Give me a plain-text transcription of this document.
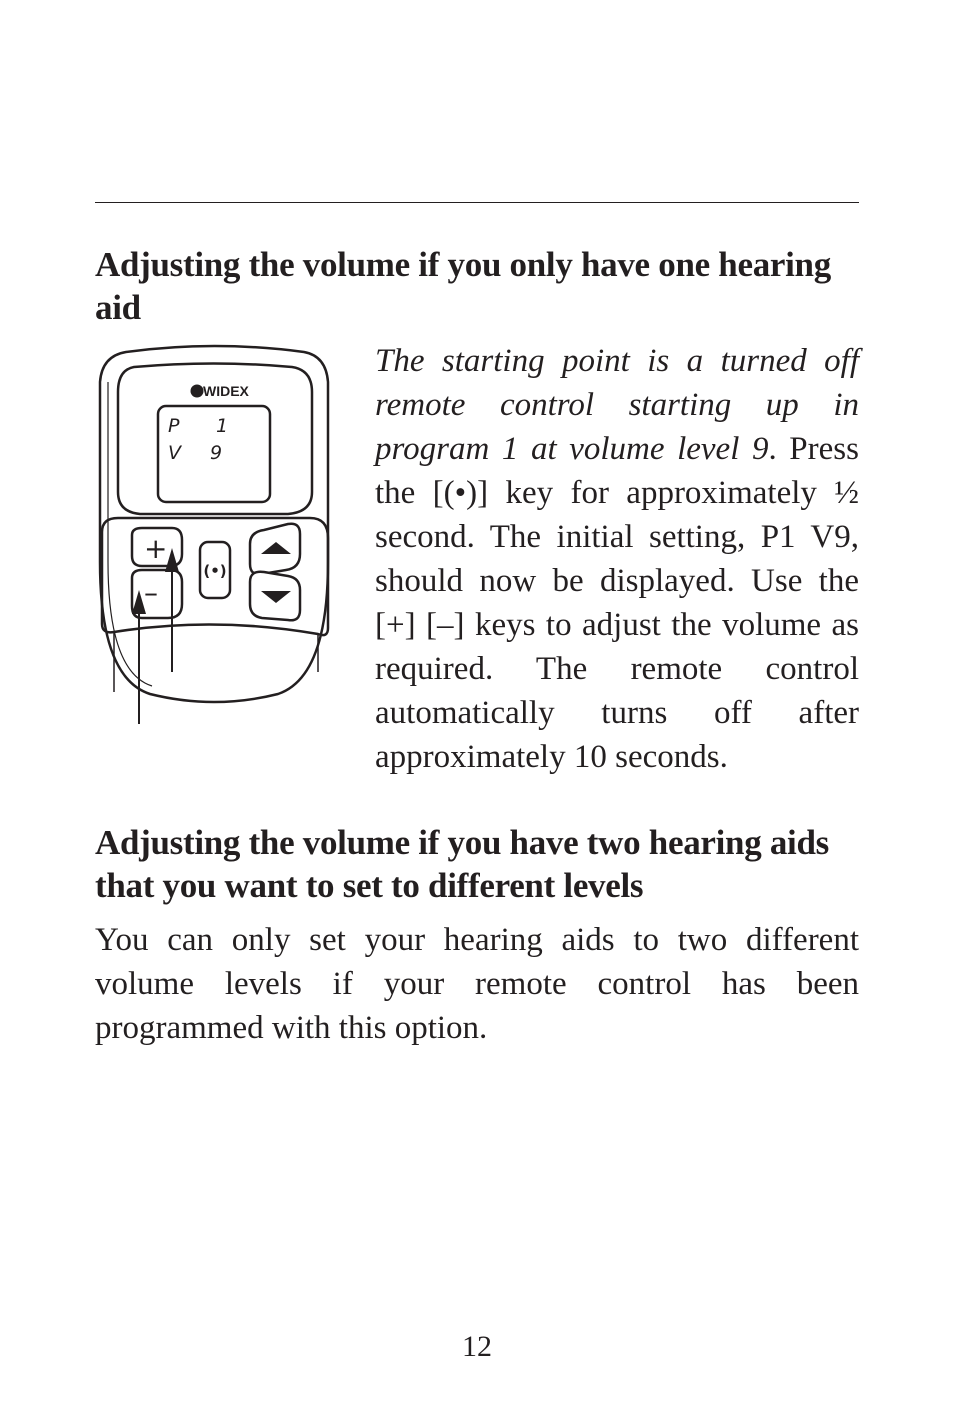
Adjusting the volume if you only have one hearing aid
WIDEX
P 1
V 9
+
–
(•)

The starting point is a turned off remote control starting up in program 1 at volume level 9. Press the [(•)] key for approximately ½ second. The initial setting, P1 V9, should now be displayed. Use the [+] [–] keys to adjust the volume as required. The remote control automatically turns off after approximately 10 seconds.

Adjusting the volume if you have two hearing aids that you want to set to different levels

You can only set your hearing aids to two different volume levels if your remote control has been programmed with this option.

12
